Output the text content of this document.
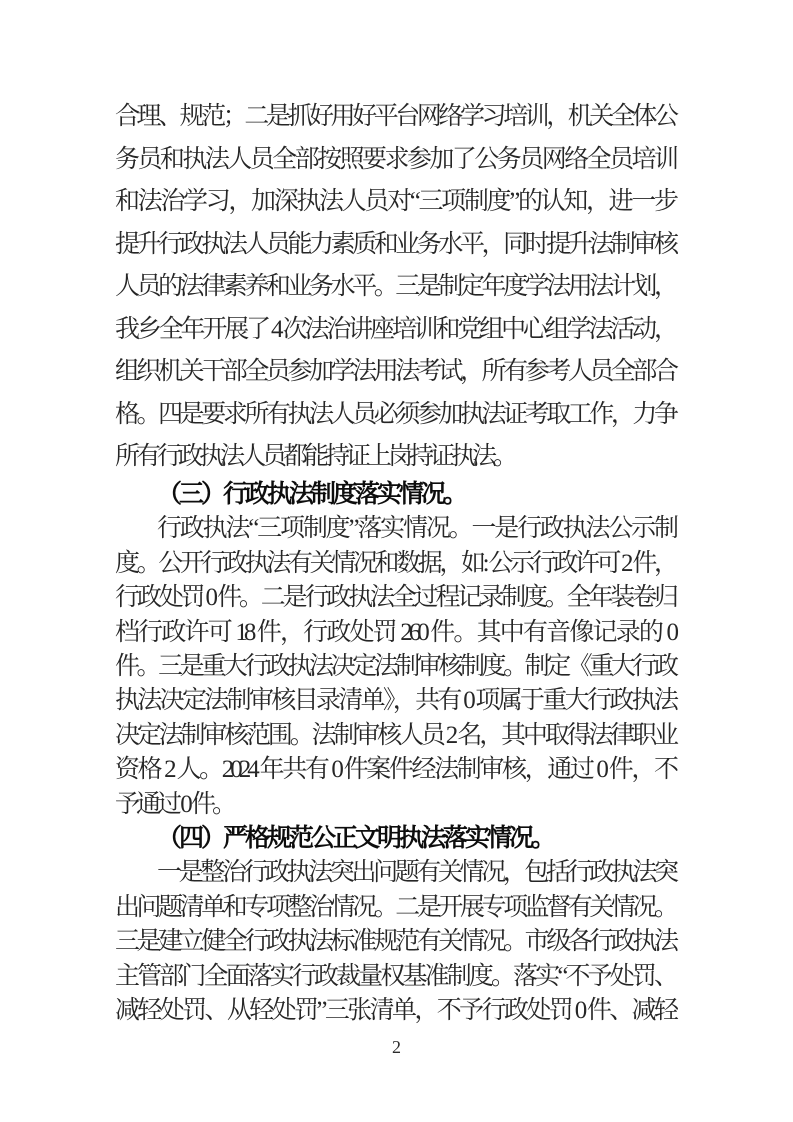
合理、规范；二是抓好用好平台网络学习培训，机关全体公
务员和执法人员全部按照要求参加了公务员网络全员培训
和法治学习，加深执法人员对“三项制度”的认知，进一步
提升行政执法人员能力素质和业务水平，同时提升法制审核
人员的法律素养和业务水平。三是制定年度学法用法计划，
我乡全年开展了 4 次法治讲座培训和党组中心组学法活动，
组织机关干部全员参加学法用法考试，所有参考人员全部合
格。四是要求所有执法人员必须参加执法证考取工作，力争
所有行政执法人员都能持证上岗持证执法。
（三）行政执法制度落实情况。
行政执法“三项制度”落实情况。一是行政执法公示制
度。公开行政执法有关情况和数据，如: 公示行政许可 2 件，
行政处罚 0 件。二是行政执法全过程记录制度。全年装卷归
档行政许可 18 件，行政处罚 260 件。其中有音像记录的 0
件。三是重大行政执法决定法制审核制度。制定《重大行政
执法决定法制审核目录清单》，共有 0 项属于重大行政执法
决定法制审核范围。法制审核人员 2 名，其中取得法律职业
资格 2 人。2024 年共有 0 件案件经法制审核，通过 0 件，不
予通过 0 件。
（四）严格规范公正文明执法落实情况。
一是整治行政执法突出问题有关情况，包括行政执法突
出问题清单和专项整治情况。二是开展专项监督有关情况。
三是建立健全行政执法标准规范有关情况。市级各行政执法
主管部门全面落实行政裁量权基准制度。落实“不予处罚、
减轻处罚、从轻处罚”三张清单，不予行政处罚 0 件、减轻
2
